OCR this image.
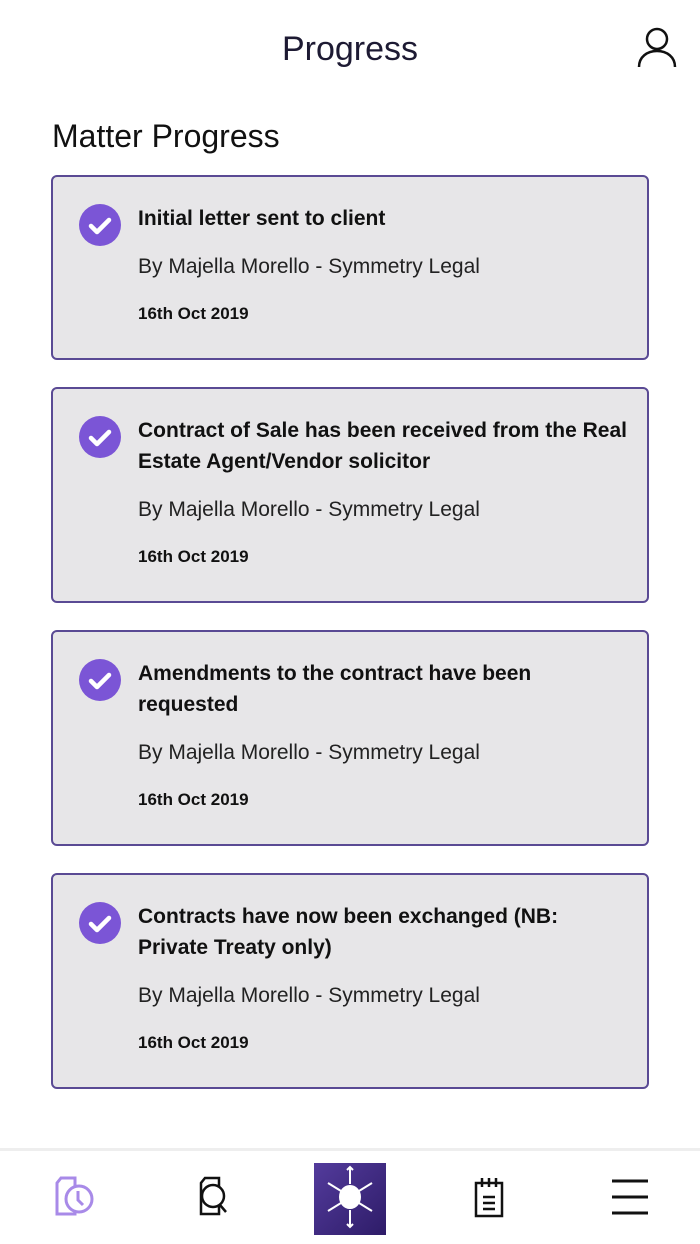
Progress
Matter Progress
Initial letter sent to client
By Majella Morello - Symmetry Legal
16th Oct 2019
Contract of Sale has been received from the Real Estate Agent/Vendor solicitor
By Majella Morello - Symmetry Legal
16th Oct 2019
Amendments to the contract have been requested
By Majella Morello - Symmetry Legal
16th Oct 2019
Contracts have now been exchanged (NB: Private Treaty only)
By Majella Morello - Symmetry Legal
16th Oct 2019
